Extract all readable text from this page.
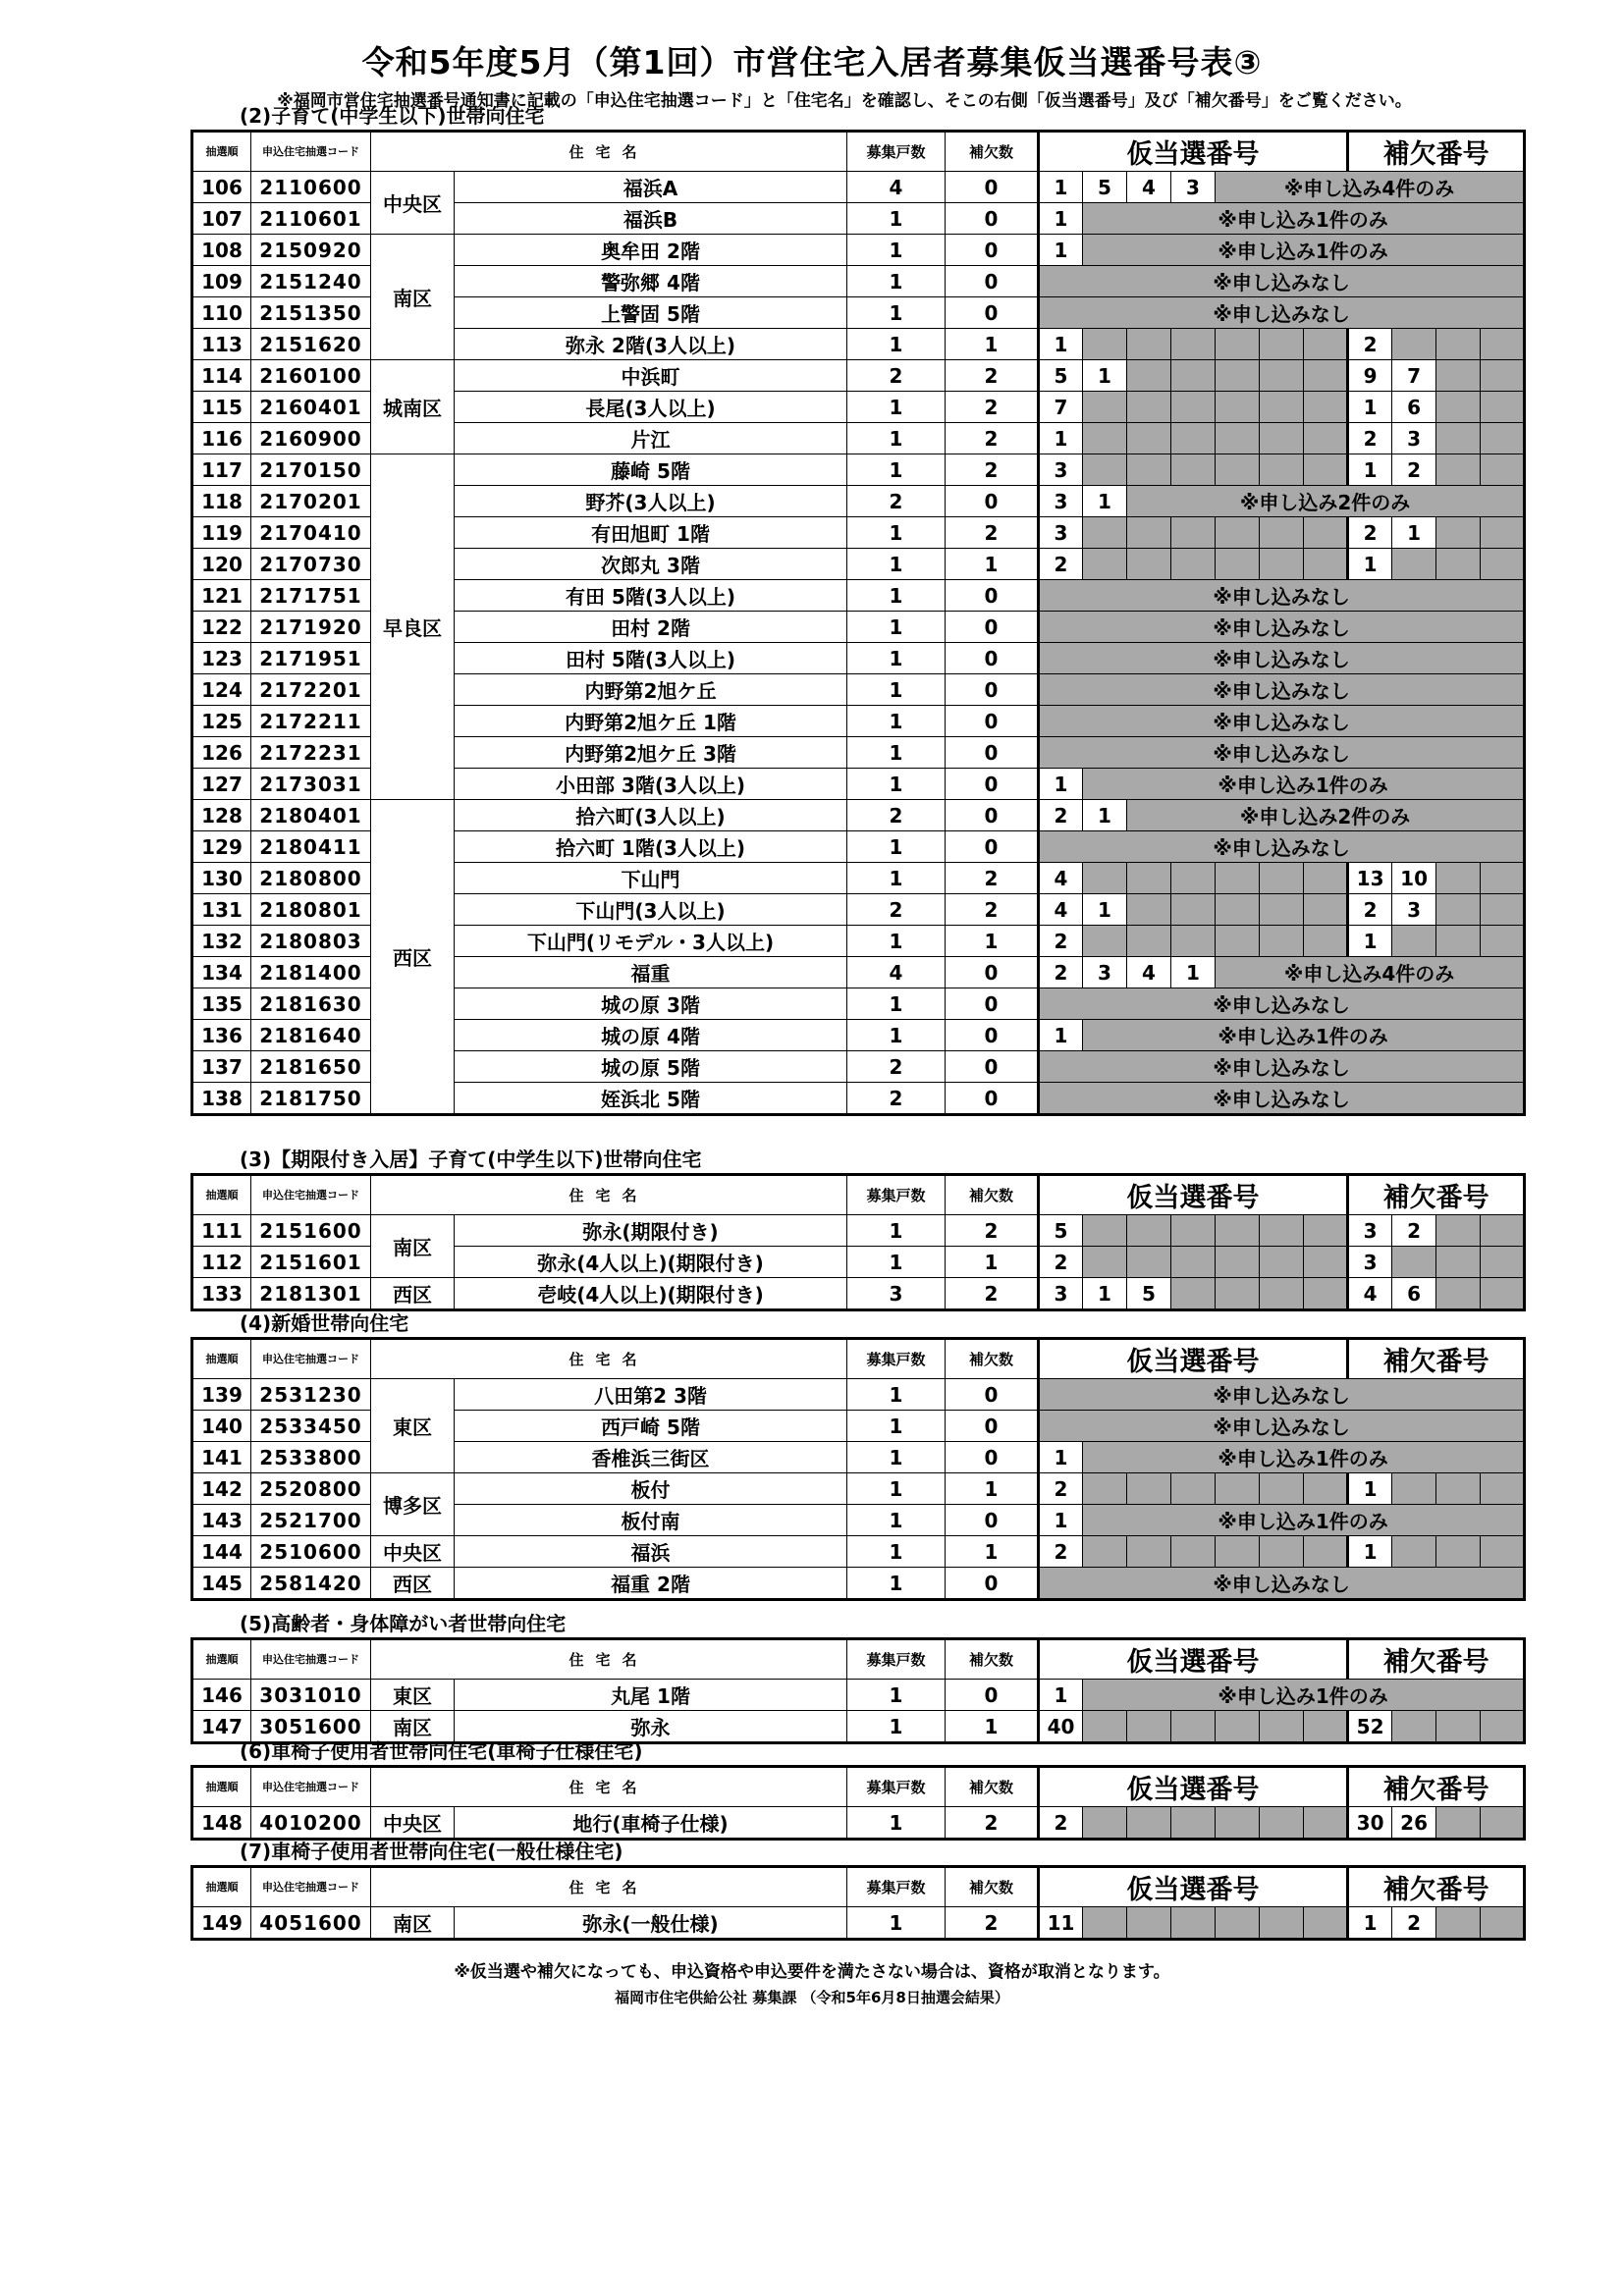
令和5年度5月（第1回）市営住宅入居者募集仮当選番号表③
※福岡市営住宅抽選番号通知書に記載の「申込住宅抽選コード」と「住宅名」を確認し、そこの右側「仮当選番号」及び「補欠番号」をご覧ください。
(2)子育て(中学生以下)世帯向住宅
抽選順	申込住宅抽選コード	住宅名		募集戸数	補欠数	仮当選番号							補欠番号			
106	2110600	中央区	福浜A	4	0	1	5	4	3	※申し込み4件のみ						
107	2110601		福浜B	1	0	1	※申し込み1件のみ									
108	2150920	南区	奥牟田 2階	1	0	1	※申し込み1件のみ									
109	2151240		警弥郷 4階	1	0	※申し込みなし										
110	2151350		上警固 5階	1	0	※申し込みなし										
113	2151620		弥永 2階(3人以上)	1	1	1							2			
114	2160100	城南区	中浜町	2	2	5	1						9	7		
115	2160401		長尾(3人以上)	1	2	7							1	6		
116	2160900		片江	1	2	1							2	3		
117	2170150	早良区	藤崎 5階	1	2	3							1	2		
118	2170201		野芥(3人以上)	2	0	3	1	※申し込み2件のみ								
119	2170410		有田旭町 1階	1	2	3							2	1		
120	2170730		次郎丸 3階	1	1	2							1			
121	2171751		有田 5階(3人以上)	1	0	※申し込みなし										
122	2171920		田村 2階	1	0	※申し込みなし										
123	2171951		田村 5階(3人以上)	1	0	※申し込みなし										
124	2172201		内野第2旭ケ丘	1	0	※申し込みなし										
125	2172211		内野第2旭ケ丘 1階	1	0	※申し込みなし										
126	2172231		内野第2旭ケ丘 3階	1	0	※申し込みなし										
127	2173031		小田部 3階(3人以上)	1	0	1	※申し込み1件のみ									
128	2180401	西区	拾六町(3人以上)	2	0	2	1	※申し込み2件のみ								
129	2180411		拾六町 1階(3人以上)	1	0	※申し込みなし										
130	2180800		下山門	1	2	4							13	10		
131	2180801		下山門(3人以上)	2	2	4	1						2	3		
132	2180803		下山門(リモデル・3人以上)	1	1	2							1			
134	2181400		福重	4	0	2	3	4	1	※申し込み4件のみ						
135	2181630		城の原 3階	1	0	※申し込みなし										
136	2181640		城の原 4階	1	0	1	※申し込み1件のみ									
137	2181650		城の原 5階	2	0	※申し込みなし										
138	2181750		姪浜北 5階	2	0	※申し込みなし										
(3)【期限付き入居】子育て(中学生以下)世帯向住宅
抽選順	申込住宅抽選コード	住宅名		募集戸数	補欠数	仮当選番号							補欠番号			
111	2151600	南区	弥永(期限付き)	1	2	5							3	2		
112	2151601		弥永(4人以上)(期限付き)	1	1	2							3			
133	2181301	西区	壱岐(4人以上)(期限付き)	3	2	3	1	5					4	6		
(4)新婚世帯向住宅
抽選順	申込住宅抽選コード	住宅名		募集戸数	補欠数	仮当選番号							補欠番号			
139	2531230	東区	八田第2 3階	1	0	※申し込みなし										
140	2533450		西戸崎 5階	1	0	※申し込みなし										
141	2533800		香椎浜三街区	1	0	1	※申し込み1件のみ									
142	2520800	博多区	板付	1	1	2							1			
143	2521700		板付南	1	0	1	※申し込み1件のみ									
144	2510600	中央区	福浜	1	1	2							1			
145	2581420	西区	福重 2階	1	0	※申し込みなし										
(5)高齢者・身体障がい者世帯向住宅
抽選順	申込住宅抽選コード	住宅名		募集戸数	補欠数	仮当選番号							補欠番号			
146	3031010	東区	丸尾 1階	1	0	1	※申し込み1件のみ									
147	3051600	南区	弥永	1	1	40							52			
(6)車椅子使用者世帯向住宅(車椅子仕様住宅)
抽選順	申込住宅抽選コード	住宅名		募集戸数	補欠数	仮当選番号							補欠番号			
148	4010200	中央区	地行(車椅子仕様)	1	2	2							30	26		
(7)車椅子使用者世帯向住宅(一般仕様住宅)
抽選順	申込住宅抽選コード	住宅名		募集戸数	補欠数	仮当選番号							補欠番号			
149	4051600	南区	弥永(一般仕様)	1	2	11							1	2		
※仮当選や補欠になっても、申込資格や申込要件を満たさない場合は、資格が取消となります。
福岡市住宅供給公社 募集課 （令和5年6月8日抽選会結果）
